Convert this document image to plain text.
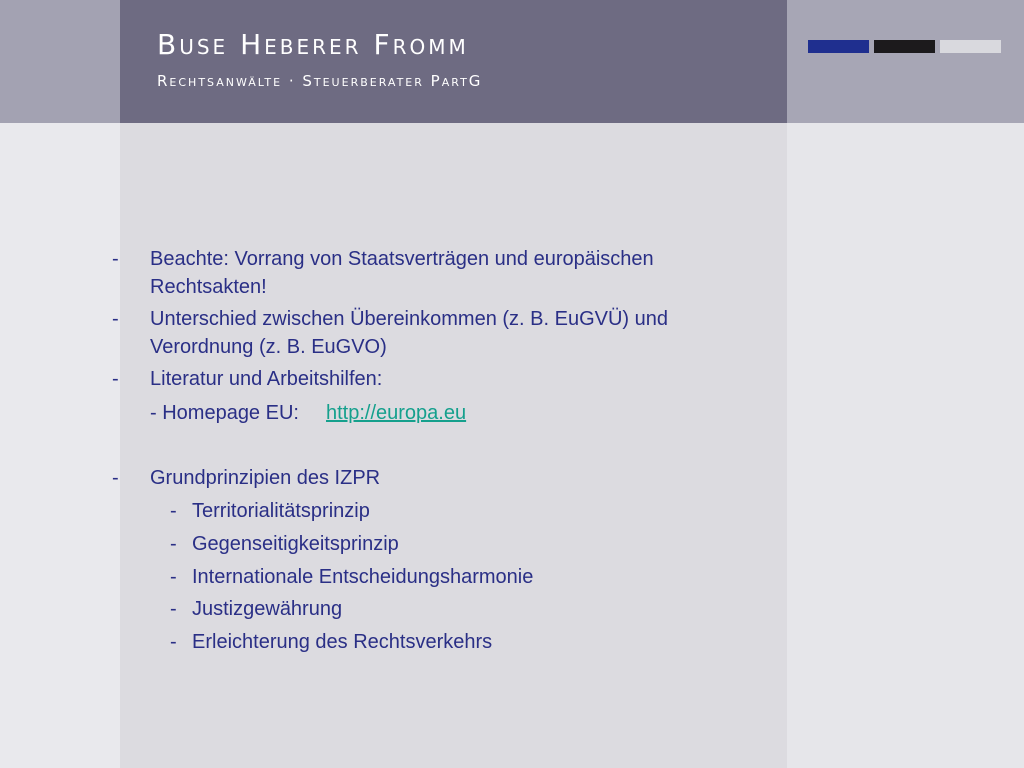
Buse Heberer Fromm
Rechtsanwälte · Steuerberater PartG
- Beachte: Vorrang von Staatsverträgen und europäischen
Rechtsakten!
- Unterschied zwischen Übereinkommen (z. B. EuGVÜ) und
Verordnung (z. B. EuGVO)
- Literatur und Arbeitshilfen:
- Homepage EU: http://europa.eu
- Grundprinzipien des IZPR
- Territorialitätsprinzip
- Gegenseitigkeitsprinzip
- Internationale Entscheidungsharmonie
- Justizgewährung
- Erleichterung des Rechtsverkehrs
